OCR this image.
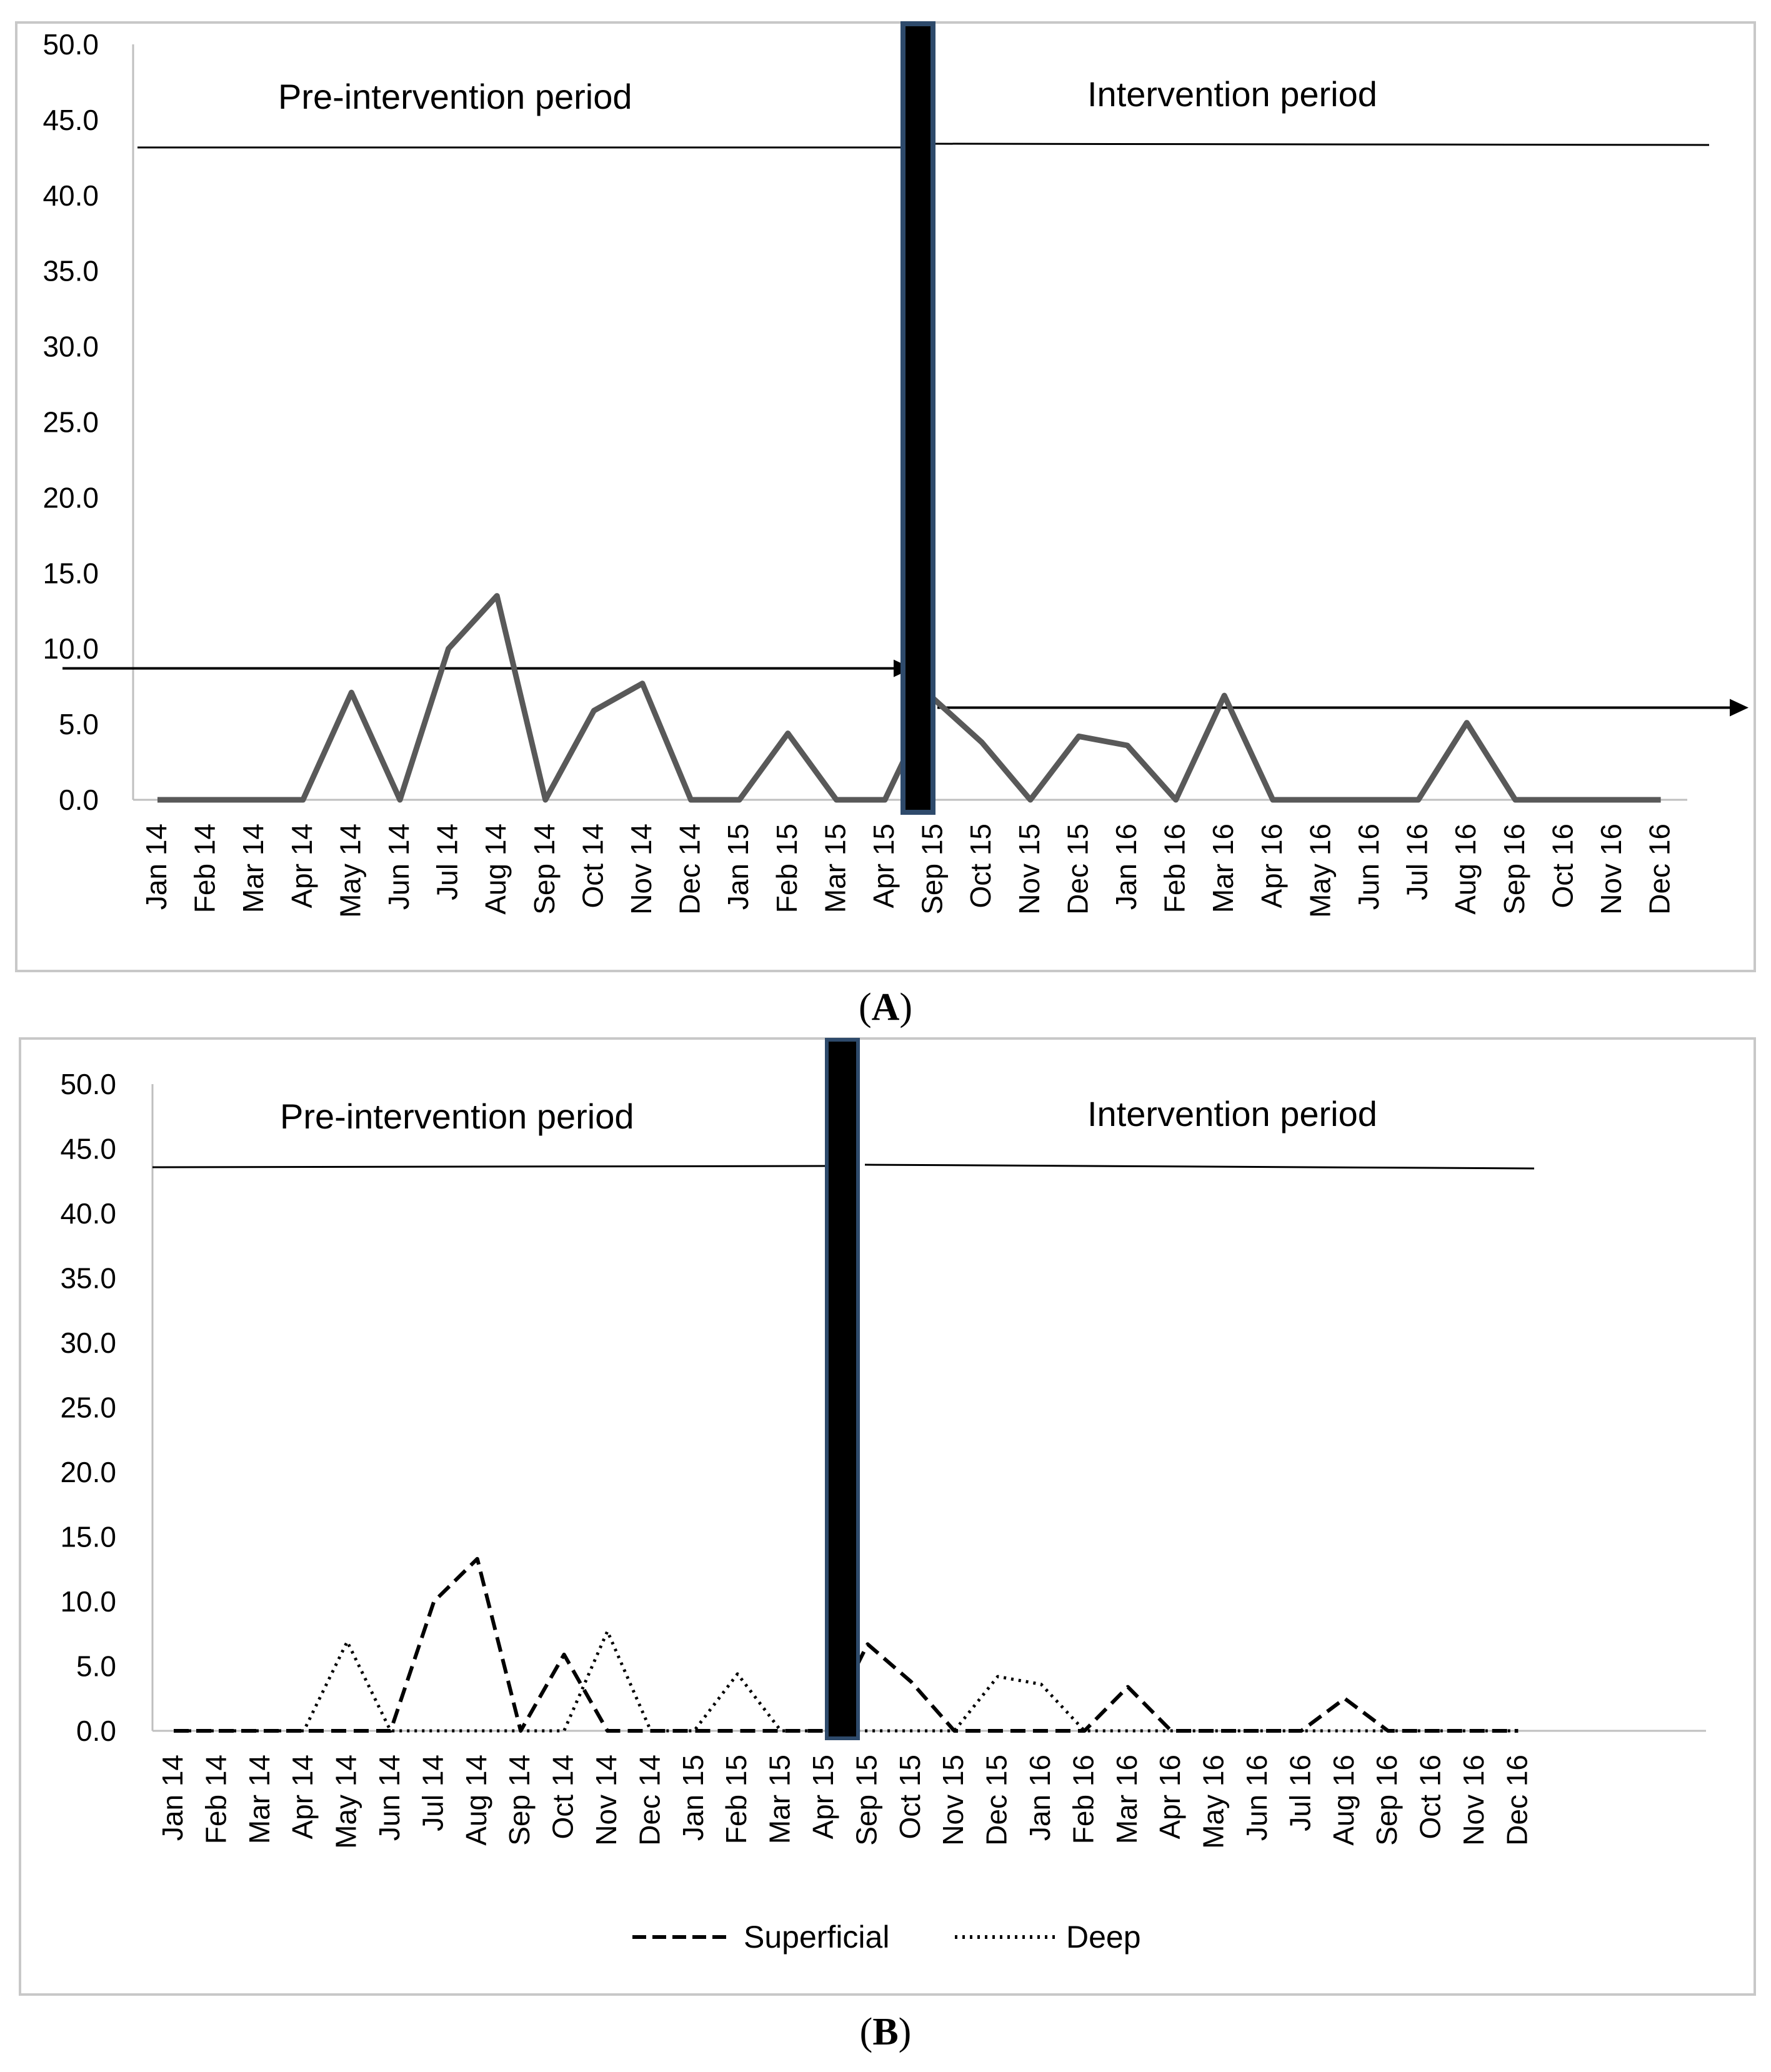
0.0
5.0
10.0
15.0
20.0
25.0
30.0
35.0
40.0
45.0
50.0
Jan 14 Feb 14 Mar 14 Apr 14 May 14 Jun 14 Jul 14 Aug 14 Sep 14 Oct 14 Nov 14 Dec 14 Jan 15 Feb 15 Mar 15 Apr 15 Sep 15 Oct 15 Nov 15 Dec 15 Jan 16 Feb 16 Mar 16 Apr 16 May 16 Jun 16 Jul 16 Aug 16 Sep 16 Oct 16 Nov 16 Dec 16
Pre-intervention period	Intervention period
(A)
0.0
5.0
10.0
15.0
20.0
25.0
30.0
35.0
40.0
45.0
50.0
Jan 14 Feb 14 Mar 14 Apr 14 May 14 Jun 14 Jul 14 Aug 14 Sep 14 Oct 14 Nov 14 Dec 14 Jan 15 Feb 15 Mar 15 Apr 15 Sep 15 Oct 15 Nov 15 Dec 15 Jan 16 Feb 16 Mar 16 Apr 16 May 16 Jun 16 Jul 16 Aug 16 Sep 16 Oct 16 Nov 16 Dec 16
Pre-intervention period	Intervention period
Superficial	Deep
(B)
